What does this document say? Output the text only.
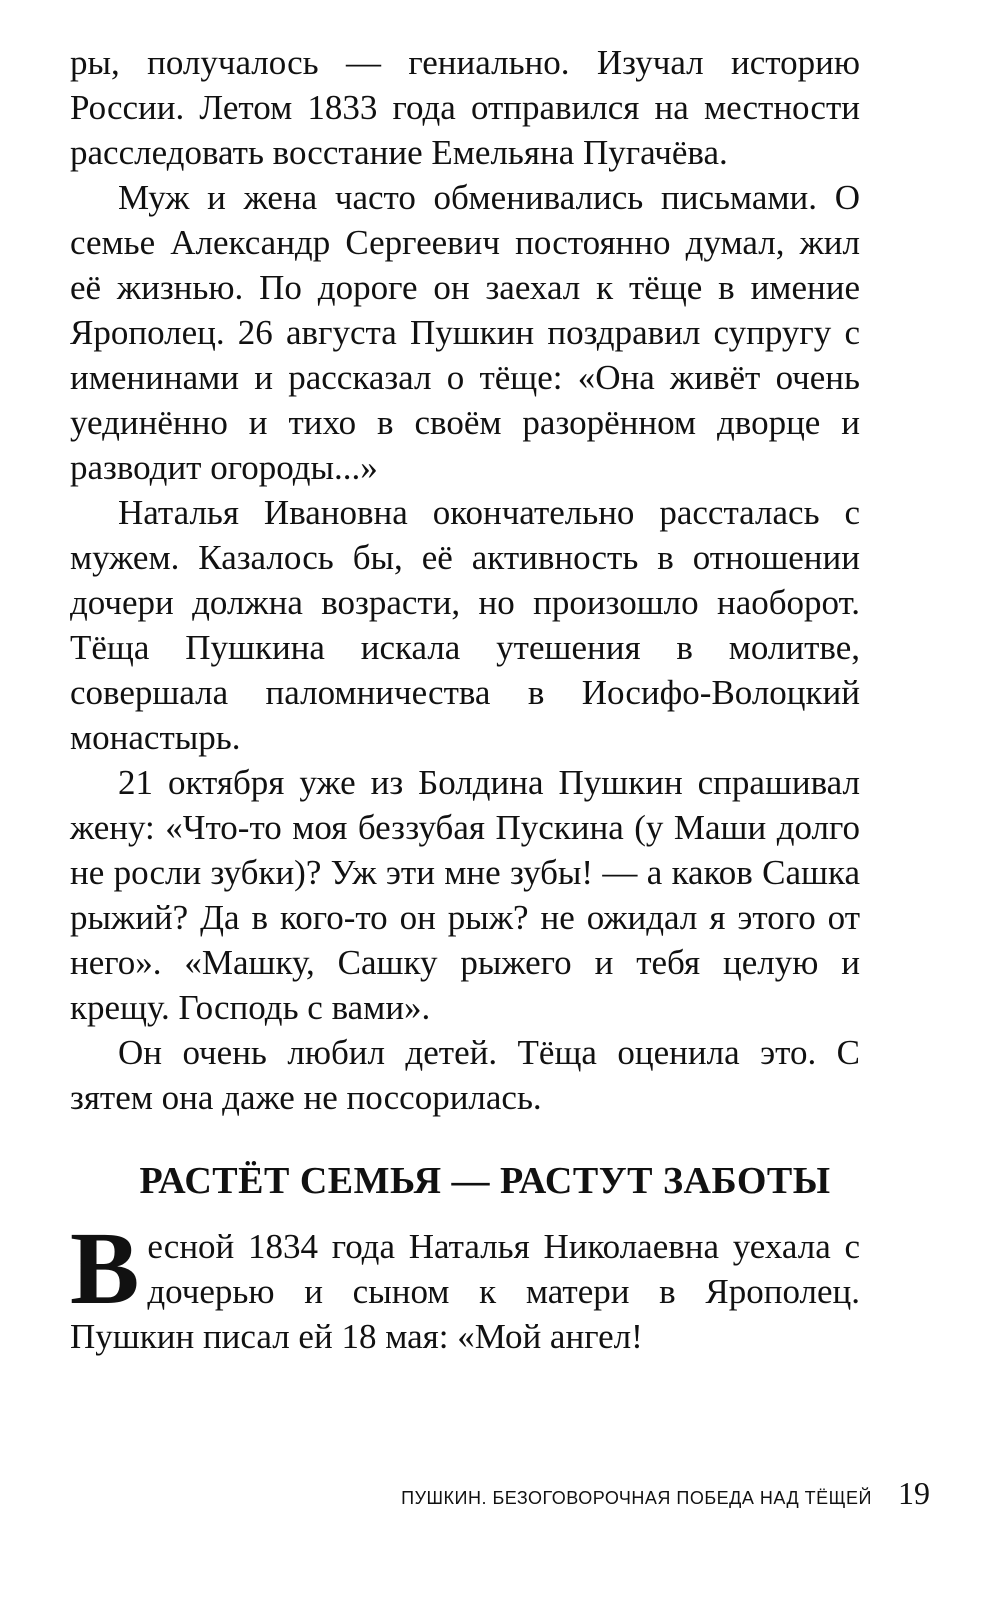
ры, получалось — гениально. Изучал историю России. Летом 1833 года отправился на местности расследовать восстание Емельяна Пугачёва.

Муж и жена часто обменивались письмами. О семье Александр Сергеевич постоянно думал, жил её жизнью. По дороге он заехал к тёще в имение Ярополец. 26 августа Пушкин поздравил супругу с именинами и рассказал о тёще: «Она живёт очень уединённо и тихо в своём разорённом дворце и разводит огороды...»

Наталья Ивановна окончательно рассталась с мужем. Казалось бы, её активность в отношении дочери должна возрасти, но произошло наоборот. Тёща Пушкина искала утешения в молитве, совершала паломничества в Иосифо-Волоцкий монастырь.

21 октября уже из Болдина Пушкин спрашивал жену: «Что-то моя беззубая Пускина (у Маши долго не росли зубки)? Уж эти мне зубы! — а каков Сашка рыжий? Да в кого-то он рыж? не ожидал я этого от него». «Машку, Сашку рыжего и тебя целую и крещу. Господь с вами».

Он очень любил детей. Тёща оценила это. С зятем она даже не поссорилась.

РАСТЁТ СЕМЬЯ — РАСТУТ ЗАБОТЫ

Весной 1834 года Наталья Николаевна уехала с дочерью и сыном к матери в Ярополец. Пушкин писал ей 18 мая: «Мой ангел!

ПУШКИН. БЕЗОГОВОРОЧНАЯ ПОБЕДА НАД ТЁЩЕЙ 19
